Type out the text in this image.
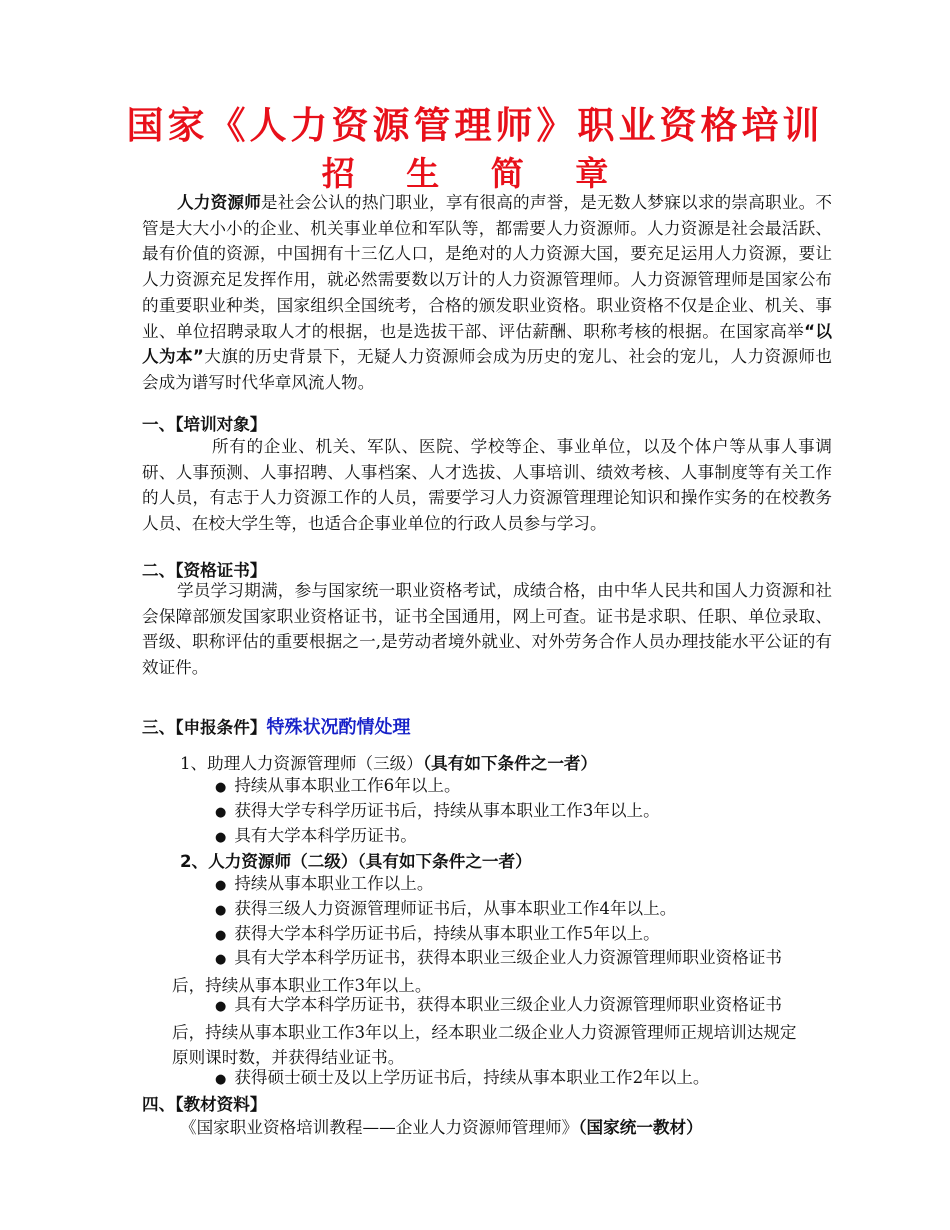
国家《人力资源管理师》职业资格培训
招 生 简 章

人力资源师是社会公认的热门职业，享有很高的声誉，是无数人梦寐以求的崇高职业。不管是大大小小的企业、机关事业单位和军队等，都需要人力资源师。人力资源是社会最活跃、最有价值的资源，中国拥有十三亿人口，是绝对的人力资源大国，要充足运用人力资源，要让人力资源充足发挥作用，就必然需要数以万计的人力资源管理师。人力资源管理师是国家公布的重要职业种类，国家组织全国统考，合格的颁发职业资格。职业资格不仅是企业、机关、事业、单位招聘录取人才的根据，也是选拔干部、评估薪酬、职称考核的根据。在国家高举“以人为本”大旗的历史背景下，无疑人力资源师会成为历史的宠儿、社会的宠儿，人力资源师也会成为谱写时代华章风流人物。

一、【培训对象】

所有的企业、机关、军队、医院、学校等企、事业单位，以及个体户等从事人事调研、人事预测、人事招聘、人事档案、人才选拔、人事培训、绩效考核、人事制度等有关工作的人员，有志于人力资源工作的人员，需要学习人力资源管理理论知识和操作实务的在校教务人员、在校大学生等，也适合企事业单位的行政人员参与学习。

二、【资格证书】

学员学习期满，参与国家统一职业资格考试，成绩合格，由中华人民共和国人力资源和社会保障部颁发国家职业资格证书，证书全国通用，网上可查。证书是求职、任职、单位录取、晋级、职称评估的重要根据之一,是劳动者境外就业、对外劳务合作人员办理技能水平公证的有效证件。

三、【申报条件】特殊状况酌情处理
1、助理人力资源管理师（三级）（具有如下条件之一者）

● 持续从事本职业工作6年以上。

● 获得大学专科学历证书后，持续从事本职业工作3年以上。

● 具有大学本科学历证书。

2、人力资源师（二级）（具有如下条件之一者）

● 持续从事本职业工作以上。

● 获得三级人力资源管理师证书后，从事本职业工作4年以上。

● 获得大学本科学历证书后，持续从事本职业工作5年以上。

● 具有大学本科学历证书，获得本职业三级企业人力资源管理师职业资格证书后，持续从事本职业工作3年以上。

● 具有大学本科学历证书，获得本职业三级企业人力资源管理师职业资格证书后，持续从事本职业工作3年以上，经本职业二级企业人力资源管理师正规培训达规定原则课时数，并获得结业证书。

● 获得硕士硕士及以上学历证书后，持续从事本职业工作2年以上。

四、【教材资料】
《国家职业资格培训教程——企业人力资源师管理师》（国家统一教材）
